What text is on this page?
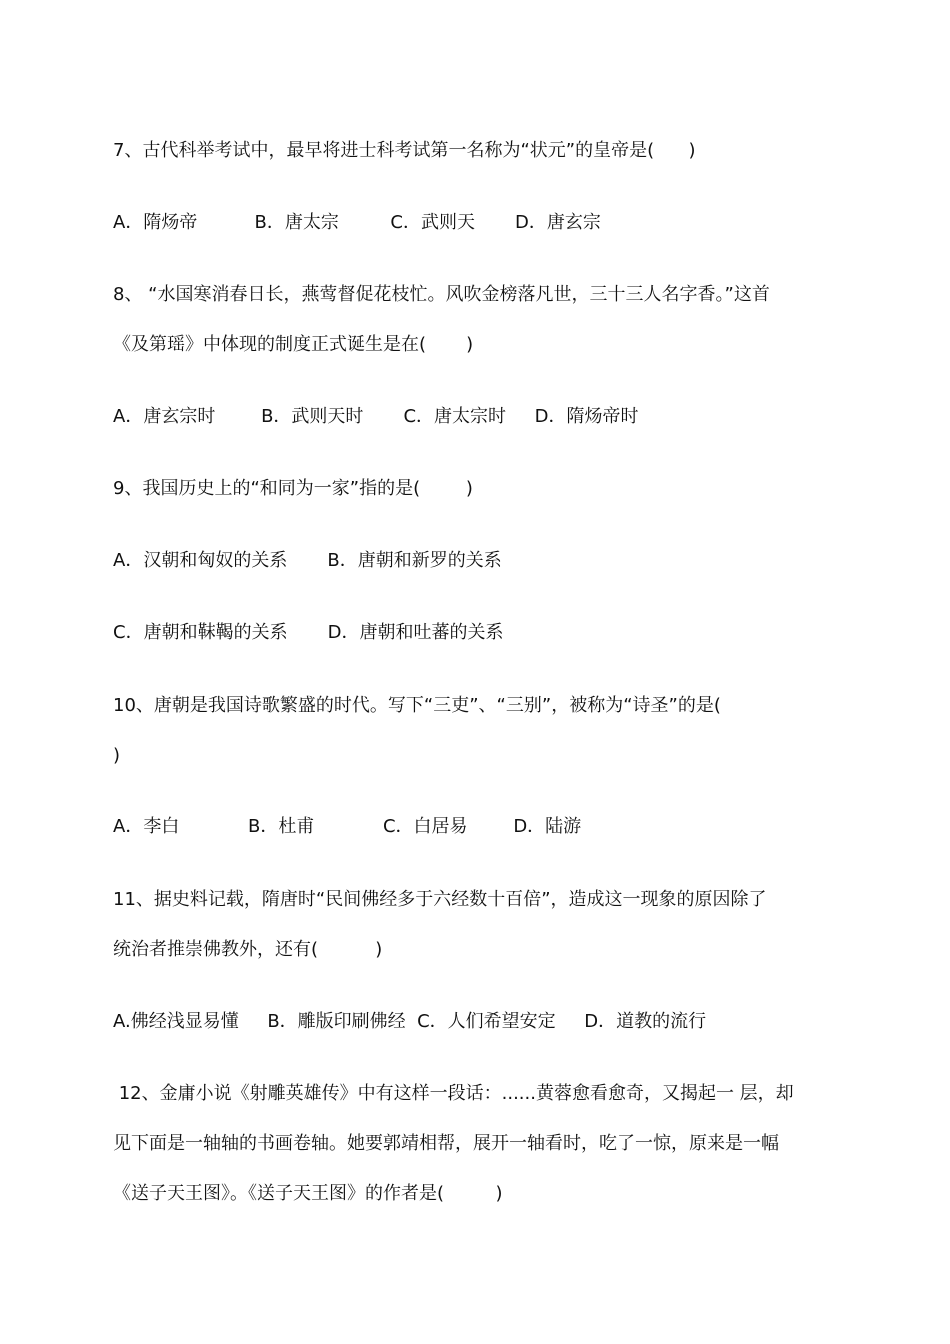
7、古代科举考试中，最早将进士科考试第一名称为“状元”的皇帝是(      )
A．隋炀帝          B．唐太宗         C．武则天       D．唐玄宗
8、 “水国寒消春日长，燕莺督促花枝忙。风吹金榜落凡世，三十三人名字香。”这首
《及第瑶》中体现的制度正式诞生是在(       )
A．唐玄宗时        B．武则天时       C．唐太宗时     D．隋炀帝时
9、我国历史上的“和同为一家”指的是(        )
A．汉朝和匈奴的关系       B．唐朝和新罗的关系
C．唐朝和靺鞨的关系       D．唐朝和吐蕃的关系
10、唐朝是我国诗歌繁盛的时代。写下“三吏”、“三别”，被称为“诗圣”的是(
)
A．李白            B．杜甫            C．白居易        D．陆游
11、据史料记载，隋唐时“民间佛经多于六经数十百倍”，造成这一现象的原因除了
统治者推崇佛教外，还有(          )
A.佛经浅显易懂     B．雕版印刷佛经  C．人们希望安定     D．道教的流行
12、金庸小说《射雕英雄传》中有这样一段话：......黄蓉愈看愈奇，又揭起一 层，却
见下面是一轴轴的书画卷轴。她要郭靖相帮，展开一轴看时，吃了一惊，原来是一幅
《送子天王图》。《送子天王图》的作者是(         )
